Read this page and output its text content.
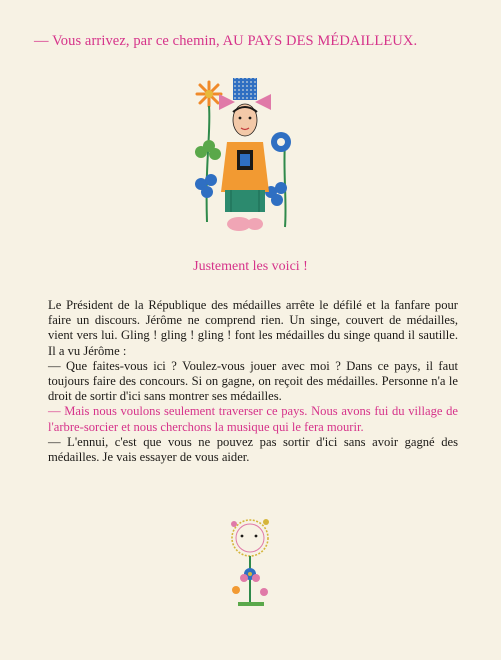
— Vous arrivez, par ce chemin, AU PAYS DES MÉDAILLEUX.
Justement les voici !

Le Président de la République des médailles arrête le défilé et la fanfare pour faire un discours. Jérôme ne comprend rien. Un singe, couvert de médailles, vient vers lui. Gling ! gling ! gling ! font les médailles du singe quand il sautille. Il a vu Jérôme :

— Que faites-vous ici ? Voulez-vous jouer avec moi ? Dans ce pays, il faut toujours faire des concours. Si on gagne, on reçoit des médailles. Personne n'a le droit de sortir d'ici sans montrer ses médailles.

— Mais nous voulons seulement traverser ce pays. Nous avons fui du village de l'arbre-sorcier et nous cherchons la musique qui le fera mourir.

— L'ennui, c'est que vous ne pouvez pas sortir d'ici sans avoir gagné des médailles. Je vais essayer de vous aider.
